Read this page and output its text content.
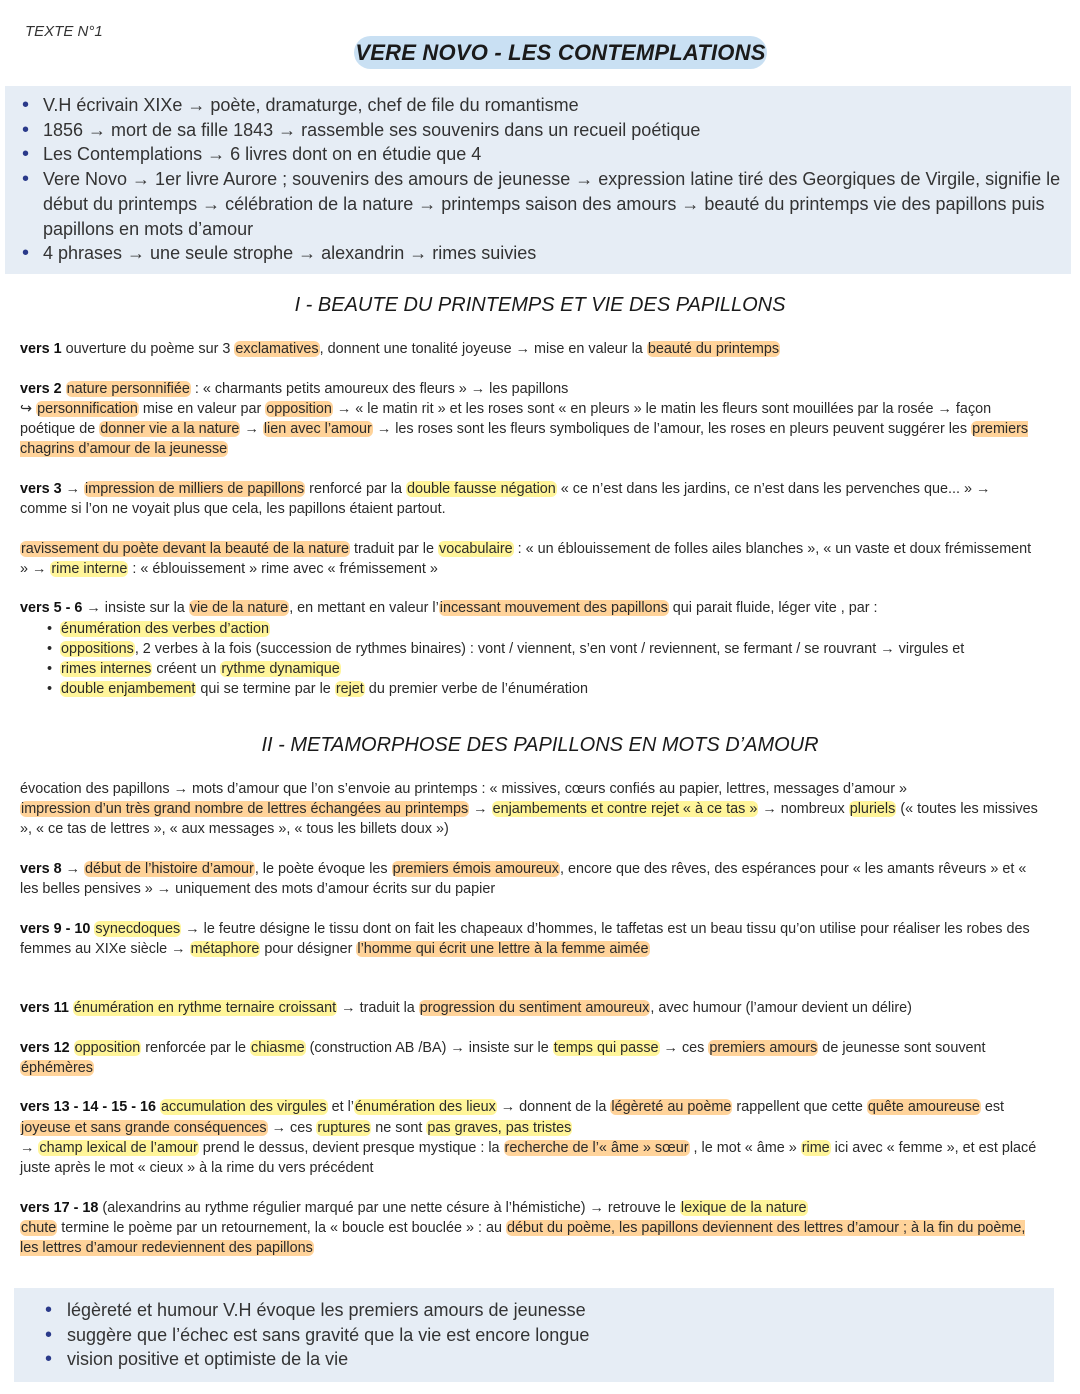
TEXTE N°1
VERE NOVO - LES CONTEMPLATIONS
• V.H écrivain XIXe → poète, dramaturge, chef de file du romantisme
• 1856 → mort de sa fille 1843 → rassemble ses souvenirs dans un recueil poétique
• Les Contemplations → 6 livres dont on en étudie que 4
• Vere Novo → 1er livre Aurore ; souvenirs des amours de jeunesse → expression latine tiré des Georgiques de Virgile, signifie le début du printemps → célébration de la nature → printemps saison des amours → beauté du printemps vie des papillons puis papillons en mots d’amour
• 4 phrases → une seule strophe → alexandrin → rimes suivies
I - BEAUTE DU PRINTEMPS ET VIE DES PAPILLONS

vers 1 ouverture du poème sur 3 exclamatives, donnent une tonalité joyeuse → mise en valeur la beauté du printemps

vers 2 nature personnifiée : « charmants petits amoureux des fleurs » → les papillons
↪ personnification mise en valeur par opposition → « le matin rit » et les roses sont « en pleurs » le matin les fleurs sont mouillées par la rosée → façon poétique de donner vie a la nature → lien avec l’amour → les roses sont les fleurs symboliques de l’amour, les roses en pleurs peuvent suggérer les premiers chagrins d’amour de la jeunesse

vers 3 → impression de milliers de papillons renforcé par la double fausse négation « ce n’est dans les jardins, ce n’est dans les pervenches que... » → comme si l’on ne voyait plus que cela, les papillons étaient partout.

ravissement du poète devant la beauté de la nature traduit par le vocabulaire : « un éblouissement de folles ailes blanches », « un vaste et doux frémissement » → rime interne : « éblouissement » rime avec « frémissement »

vers 5 - 6 → insiste sur la vie de la nature, en mettant en valeur l’incessant mouvement des papillons qui parait fluide, léger vite , par :
• énumération des verbes d’action
• oppositions, 2 verbes à la fois (succession de rythmes binaires) : vont / viennent, s’en vont / reviennent, se fermant / se rouvrant → virgules et
• rimes internes créent un rythme dynamique
• double enjambement qui se termine par le rejet du premier verbe de l’énumération
II - METAMORPHOSE DES PAPILLONS EN MOTS D’AMOUR

évocation des papillons → mots d’amour que l’on s’envoie au printemps : « missives, cœurs confiés au papier, lettres, messages d’amour »
impression d’un très grand nombre de lettres échangées au printemps → enjambements et contre rejet « à ce tas » → nombreux pluriels (« toutes les missives », « ce tas de lettres », « aux messages », « tous les billets doux »)

vers 8 → début de l’histoire d’amour, le poète évoque les premiers émois amoureux, encore que des rêves, des espérances pour « les amants rêveurs » et « les belles pensives » → uniquement des mots d’amour écrits sur du papier

vers 9 - 10 synecdoques → le feutre désigne le tissu dont on fait les chapeaux d’hommes, le taffetas est un beau tissu qu’on utilise pour réaliser les robes des femmes au XIXe siècle → métaphore pour désigner l’homme qui écrit une lettre à la femme aimée

vers 11 énumération en rythme ternaire croissant → traduit la progression du sentiment amoureux, avec humour (l’amour devient un délire)

vers 12 opposition renforcée par le chiasme (construction AB /BA) → insiste sur le temps qui passe → ces premiers amours de jeunesse sont souvent éphémères

vers 13 - 14 - 15 - 16 accumulation des virgules et l’énumération des lieux → donnent de la légèreté au poème rappellent que cette quête amoureuse est joyeuse et sans grande conséquences → ces ruptures ne sont pas graves, pas tristes
→ champ lexical de l’amour prend le dessus, devient presque mystique : la recherche de l’« âme » sœur , le mot « âme » rime ici avec « femme », et est placé juste après le mot « cieux » à la rime du vers précédent

vers 17 - 18 (alexandrins au rythme régulier marqué par une nette césure à l’hémistiche) → retrouve le lexique de la nature
chute termine le poème par un retournement, la « boucle est bouclée » : au début du poème, les papillons deviennent des lettres d’amour ; à la fin du poème, les lettres d’amour redeviennent des papillons

• légèreté et humour V.H évoque les premiers amours de jeunesse
• suggère que l’échec est sans gravité que la vie est encore longue
• vision positive et optimiste de la vie
